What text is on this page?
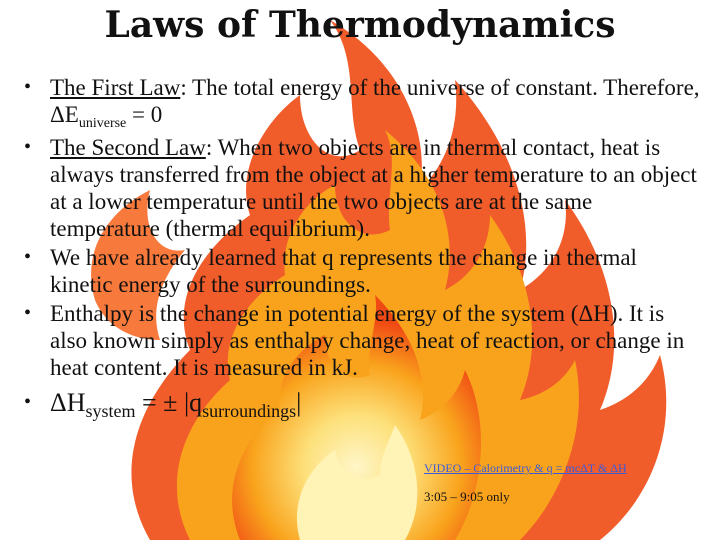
Laws of Thermodynamics
• The First Law: The total energy of the universe of constant. Therefore, $\Delta E_{universe} = 0$
• The Second Law: When two objects are in thermal contact, heat is always transferred from the object at a higher temperature to an object at a lower temperature until the two objects are at the same temperature (thermal equilibrium).
• We have already learned that q represents the change in thermal kinetic energy of the surroundings.
• Enthalpy is the change in potential energy of the system (ΔH). It is also known simply as enthalpy change, heat of reaction, or change in heat content. It is measured in kJ.
• $\Delta H_{system}$ = ± $|q_{surroundings}|$
VIDEO – Calorimetry & q = mcΔT & ΔH
3:05 – 9:05 only
